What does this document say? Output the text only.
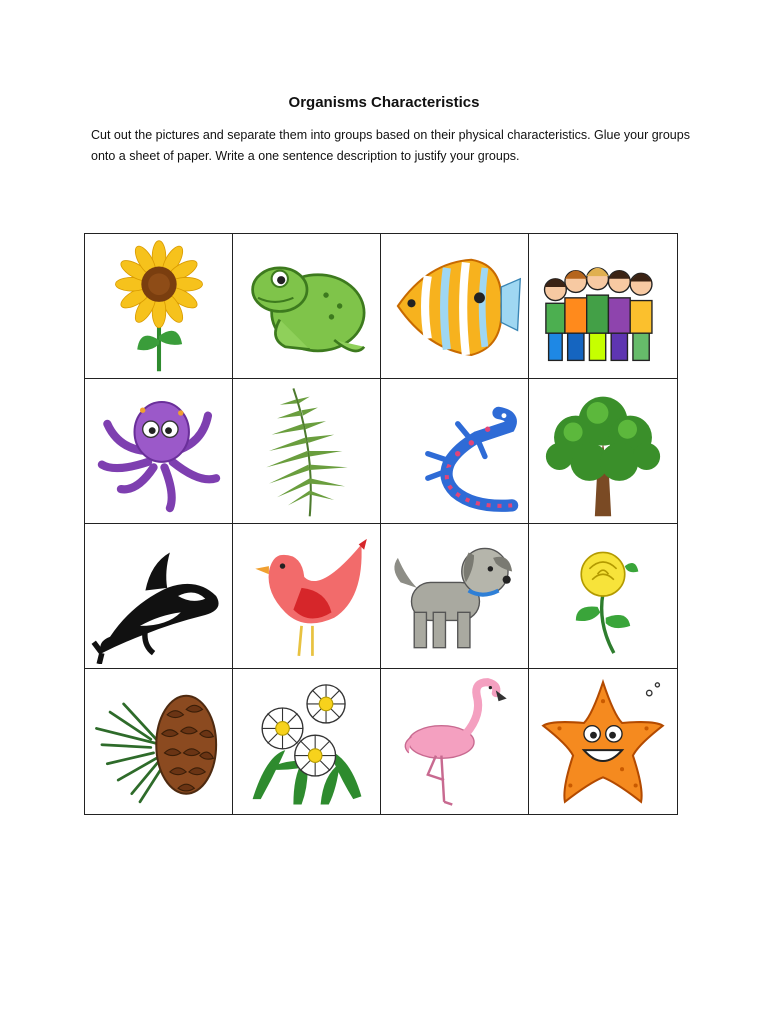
Organisms Characteristics
Cut out the pictures and separate them into groups based on their physical characteristics. Glue your groups onto a sheet of paper. Write a one sentence description to justify your groups.
